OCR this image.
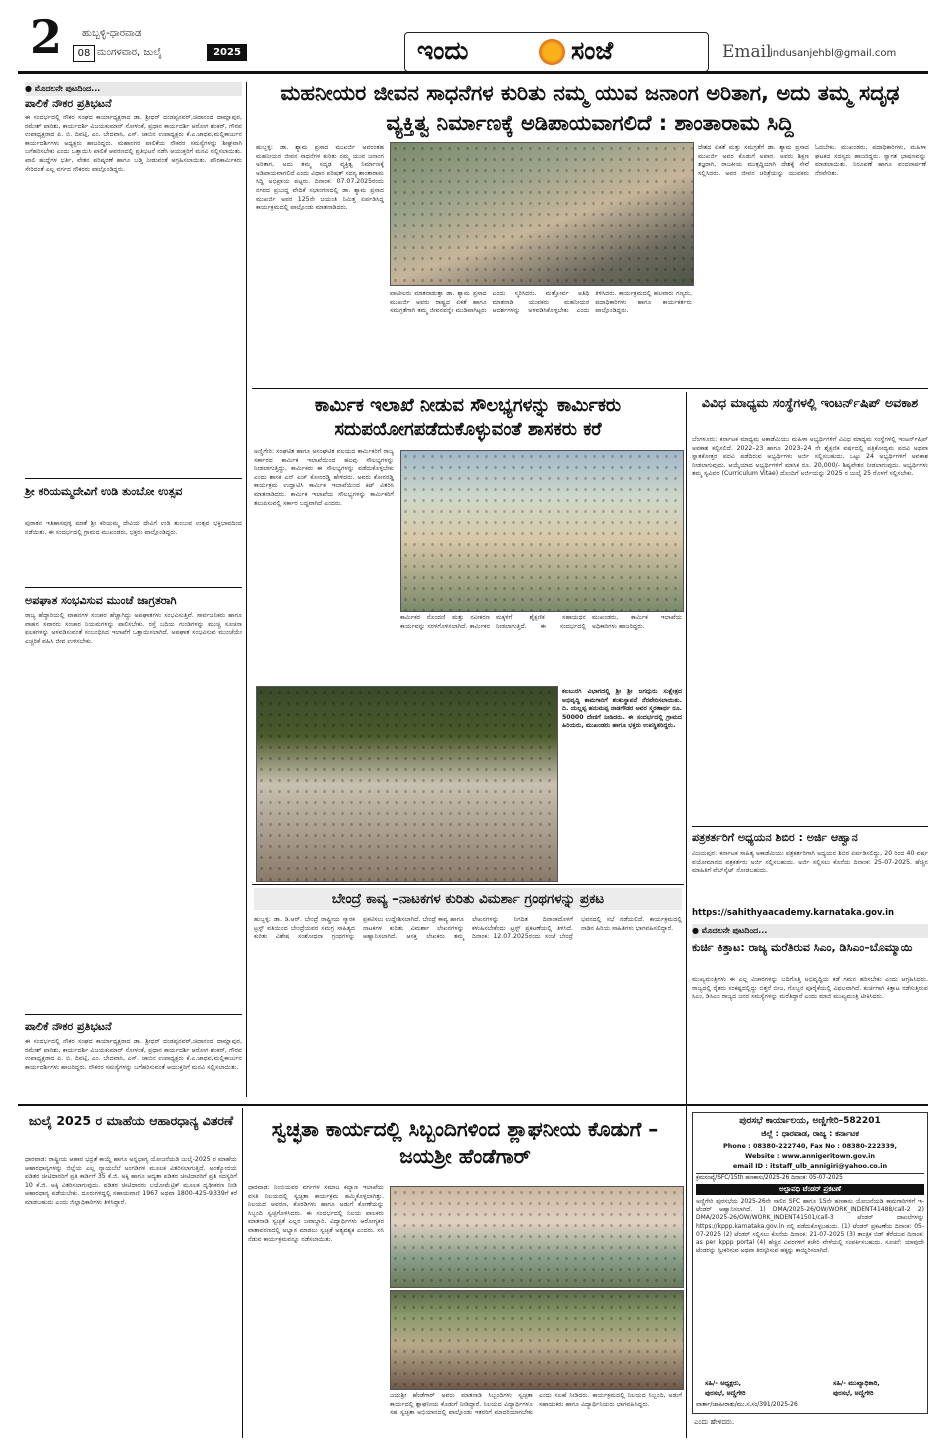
2 ಹುಬ್ಬಳ್ಳಿ-ಧಾರವಾಡ
08 ಮಂಗಳವಾರ, ಜುಲೈ	2025	ಇಂದು	ಸಂಜೆ	Email
indusanjehbl@gmail.com
● ಮೊದಲನೇ ಪುಟದಿಂದ...
ಪಾಲಿಕೆ ನೌಕರ ಪ್ರತಿಭಟನೆ
ಈ ಸಂದರ್ಭದಲ್ಲಿ ನೌಕರ ಸಂಘದ ಕಾರ್ಯಾಧ್ಯಕ್ಷರಾದ ಡಾ. ಶ್ರೀಧರ್ ದಂಡಪ್ಪನವರ್,ಚಿದಾನಂದ ದಾಮ್ಲಾಪುರ, ರಮೇಶ್ ಪಾರಿಶು, ಕಾರ್ಯದರ್ಶಿ ವಿಜಯಕುಮಾರ್ ಸೋಳಂಕೆ, ಪ್ರಧಾನ ಕಾರ್ಯದರ್ಶಿ ಆರೋಗ ಶಂಕರ್, ಗೌರವ ಉಪಾಧ್ಯಕ್ಷರಾದ ಪಿ. ಬಿ. ದಿವಟ್ಗಿ, ಎಂ. ಬೇದವಾಸಿ, ಎಸ್. ಜಾಬಿನ ಉಪಾಧ್ಯಕ್ಷರು ಕೆ.ಎ.ಜಾಧವ,ಮಲ್ಲಿಕಾರ್ಜುನ ಕಾರ್ಯದರ್ಶಿಗಳು ಅಧ್ಯಕ್ಷರು ಹಾಜರಿದ್ದರು. ಮಹಾನಗರ ಪಾಲಿಕೆಯ ನೌಕರರ ಸಮಸ್ಯೆಗಳನ್ನು ಶೀಘ್ರವಾಗಿ ಬಗೆಹರಿಸಬೇಕು ಎಂದು ಒತ್ತಾಯಿಸಿ ಪಾಲಿಕೆ ಆವರಣದಲ್ಲಿ ಪ್ರತಿಭಟನೆ ನಡೆಸಿ ಆಯುಕ್ತರಿಗೆ ಮನವಿ ಸಲ್ಲಿಸಲಾಯಿತು. ಖಾಲಿ ಹುದ್ದೆಗಳ ಭರ್ತಿ, ವೇತನ ಪರಿಷ್ಕರಣೆ ಹಾಗೂ ಬಡ್ತಿ ನೀಡುವಂತೆ ಆಗ್ರಹಿಸಲಾಯಿತು. ಪೌರಕಾರ್ಮಿಕರು ಸೇರಿದಂತೆ ಎಲ್ಲ ವರ್ಗದ ನೌಕರರು ಪಾಲ್ಗೊಂಡಿದ್ದರು.
ಶ್ರೀ ಕರಿಯಮ್ಮದೇವಿಗೆ ಉಡಿ ತುಂಬೋ ಉತ್ಸವ
ಪುರಾತನ ಇತಿಹಾಸವುಳ್ಳ ಮಾತೆ ಶ್ರೀ ಕರಿಯಮ್ಮ ದೇವಿಯ ದೇವಿಗೆ ಉಡಿ ತುಂಬುವ ಉತ್ಸವ ಭಕ್ತಿಭಾವದಿಂದ ನಡೆಯಿತು. ಈ ಸಂದರ್ಭದಲ್ಲಿ ಗ್ರಾಮದ ಮುಖಂಡರು, ಭಕ್ತರು ಪಾಲ್ಗೊಂಡಿದ್ದರು.
ಅಪಘಾತ ಸಂಭವಿಸುವ ಮುಂಚೆ ಜಾಗ್ರತರಾಗಿ
ರಾಜ್ಯ ಹೆದ್ದಾರಿಯಲ್ಲಿ ವಾಹನಗಳ ಸಂಚಾರ ಹೆಚ್ಚಾಗಿದ್ದು ಅಪಘಾತಗಳು ಸಂಭವಿಸುತ್ತಿವೆ. ಸಾರ್ವಜನಿಕರು ಹಾಗೂ ವಾಹನ ಸವಾರರು ಸಂಚಾರ ನಿಯಮಗಳನ್ನು ಪಾಲಿಸಬೇಕು. ರಸ್ತೆ ಬದಿಯ ಗುಂಡಿಗಳನ್ನು ಮುಚ್ಚಿ ಸೂಚನಾ ಫಲಕಗಳನ್ನು ಅಳವಡಿಸುವಂತೆ ಸಂಬಂಧಿಸಿದ ಇಲಾಖೆಗೆ ಒತ್ತಾಯಿಸಲಾಗಿದೆ. ಅಪಘಾತ ಸಂಭವಿಸುವ ಮುಂಚೆಯೇ ಎಚ್ಚರಿಕೆ ವಹಿಸಿ ಜೀವ ಉಳಿಸಬೇಕು.
ಪಾಲಿಕೆ ನೌಕರ ಪ್ರತಿಭಟನೆ
ಈ ಸಂದರ್ಭದಲ್ಲಿ ನೌಕರ ಸಂಘದ ಕಾರ್ಯಾಧ್ಯಕ್ಷರಾದ ಡಾ. ಶ್ರೀಧರ್ ದಂಡಪ್ಪನವರ್,ಚಿದಾನಂದ ದಾಮ್ಲಾಪುರ, ರಮೇಶ್ ಪಾರಿಶು, ಕಾರ್ಯದರ್ಶಿ ವಿಜಯಕುಮಾರ್ ಸೋಳಂಕೆ, ಪ್ರಧಾನ ಕಾರ್ಯದರ್ಶಿ ಆರೋಗ ಶಂಕರ್, ಗೌರವ ಉಪಾಧ್ಯಕ್ಷರಾದ ಪಿ. ಬಿ. ದಿವಟ್ಗಿ, ಎಂ. ಬೇದವಾಸಿ, ಎಸ್. ಜಾಬಿನ ಉಪಾಧ್ಯಕ್ಷರು ಕೆ.ಎ.ಜಾಧವ,ಮಲ್ಲಿಕಾರ್ಜುನ ಕಾರ್ಯದರ್ಶಿಗಳು ಹಾಜರಿದ್ದರು. ನೌಕರರ ಸಮಸ್ಯೆಗಳನ್ನು ಬಗೆಹರಿಸುವಂತೆ ಆಯುಕ್ತರಿಗೆ ಮನವಿ ಸಲ್ಲಿಸಲಾಯಿತು.
ಮಹನೀಯರ ಜೀವನ ಸಾಧನೆಗಳ ಕುರಿತು ನಮ್ಮ ಯುವ ಜನಾಂಗ ಅರಿತಾಗ, ಅದು ತಮ್ಮ ಸದೃಢ ವ್ಯಕ್ತಿತ್ವ ನಿರ್ಮಾಣಕ್ಕೆ ಅಡಿಪಾಯವಾಗಲಿದೆ : ಶಾಂತಾರಾಮ ಸಿದ್ದಿ
ಹುಬ್ಬಳ್ಳಿ: ಡಾ. ಶ್ಯಾಮ ಪ್ರಸಾದ ಮುಖರ್ಜಿ ಅವರಂತಹ ಮಹನೀಯರ ಜೀವನ ಸಾಧನೆಗಳ ಕುರಿತು ನಮ್ಮ ಯುವ ಜನಾಂಗ ಅರಿತಾಗ, ಅದು ತಮ್ಮ ಸದೃಢ ವ್ಯಕ್ತಿತ್ವ ನಿರ್ಮಾಣಕ್ಕೆ ಅಡಿಪಾಯವಾಗಲಿದೆ ಎಂದು ವಿಧಾನ ಪರಿಷತ್ ಸದಸ್ಯ ಶಾಂತಾರಾಮ ಸಿದ್ದಿ ಅಭಿಪ್ರಾಯ ಪಟ್ಟರು. ದಿನಾಂಕ: 07.07.2025ರಂದು ನಗರದ ಪ್ರಬುದ್ಧ ವೇದಿಕೆ ಸಭಾಂಗಣದಲ್ಲಿ ಡಾ. ಶ್ಯಾಮ ಪ್ರಸಾದ ಮುಖರ್ಜಿ ಅವರ 125ನೇ ಜಯಂತಿ ನಿಮಿತ್ತ ಏರ್ಪಡಿಸಿದ್ದ ಕಾರ್ಯಕ್ರಮದಲ್ಲಿ ಪಾಲ್ಗೊಂಡು ಮಾತನಾಡಿದರು.
ಪಾಟೀಲರು ಮಾತನಾಡುತ್ತಾ ಡಾ. ಶ್ಯಾಮ ಪ್ರಸಾದ ಮುಖರ್ಜಿ ಅವರು ರಾಷ್ಟ್ರದ ಏಕತೆ ಹಾಗೂ ಸಮಗ್ರತೆಗಾಗಿ ತಮ್ಮ ಜೀವನವನ್ನೇ ಮುಡಿಪಾಗಿಟ್ಟರು ಎಂದು ಸ್ಮರಿಸಿದರು. ಮತ್ತೋರ್ವ ಅತಿಥಿ ಮಾತನಾಡಿ ಯುವಕರು ಮಹನೀಯರ ಆದರ್ಶಗಳನ್ನು ಅಳವಡಿಸಿಕೊಳ್ಳಬೇಕು ಎಂದು ತಿಳಿಸಿದರು. ಕಾರ್ಯಕ್ರಮದಲ್ಲಿ ಹಲವಾರು ಗಣ್ಯರು, ಪದಾಧಿಕಾರಿಗಳು ಹಾಗೂ ಕಾರ್ಯಕರ್ತರು ಪಾಲ್ಗೊಂಡಿದ್ದರು.
ದೇಶದ ಏಕತೆ ಮತ್ತು ಸಮಗ್ರತೆಗೆ ಡಾ. ಶ್ಯಾಮ ಪ್ರಸಾದ ಮುಖರ್ಜಿ ಅವರ ಕೊಡುಗೆ ಅಪಾರ. ಅವರು ಶಿಕ್ಷಣ ತಜ್ಞರಾಗಿ, ರಾಜಕೀಯ ಮುತ್ಸದ್ದಿಯಾಗಿ ದೇಶಕ್ಕೆ ಸೇವೆ ಸಲ್ಲಿಸಿದರು. ಅವರ ಜೀವನ ಚರಿತ್ರೆಯನ್ನು ಯುವಕರು ಓದಬೇಕು. ಮುಖಂಡರು, ಪದಾಧಿಕಾರಿಗಳು, ಮಹಿಳಾ ಘಟಕದ ಸದಸ್ಯರು ಹಾಜರಿದ್ದರು. ಸ್ವಾಗತ ಭಾಷಣವನ್ನು ಮಾಡಲಾಯಿತು. ನಿರೂಪಣೆ ಹಾಗೂ ವಂದನಾರ್ಪಣೆ ನೆರವೇರಿತು.
ಕಾರ್ಮಿಕ ಇಲಾಖೆ ನೀಡುವ ಸೌಲಭ್ಯಗಳನ್ನು ಕಾರ್ಮಿಕರು ಸದುಪಯೋಗಪಡೆದುಕೊಳ್ಳುವಂತೆ ಶಾಸಕರು ಕರೆ
ಅಣ್ಣಿಗೇರಿ: ಸಂಘಟಿತ ಹಾಗೂ ಅಸಂಘಟಿತ ವಲಯದ ಕಾರ್ಮಿಕರಿಗೆ ರಾಜ್ಯ ಸರ್ಕಾರದ ಕಾರ್ಮಿಕ ಇಲಾಖೆಯಿಂದ ಹಲವು ಸೌಲಭ್ಯಗಳನ್ನು ನೀಡಲಾಗುತ್ತಿದ್ದು, ಕಾರ್ಮಿಕರು ಈ ಸೌಲಭ್ಯಗಳನ್ನು ಪಡೆದುಕೊಳ್ಳಬೇಕು ಎಂದು ಶಾಸಕ ಎನ್ ಎಚ್ ಕೋನರಡ್ಡಿ ಹೇಳಿದರು. ಅವರು ಕೋನರಡ್ಡಿ ಕಾರ್ಯಕ್ರಮ ಉದ್ಘಾಟಿಸಿ ಕಾರ್ಮಿಕ ಇಲಾಖೆಯಿಂದ ಕಿಟ್ ವಿತರಿಸಿ ಮಾತನಾಡಿದರು. ಕಾರ್ಮಿಕ ಇಲಾಖೆಯ ಸೌಲಭ್ಯಗಳನ್ನು ಕಾರ್ಮಿಕರಿಗೆ ತಲುಪಿಸುವಲ್ಲಿ ಸರ್ಕಾರ ಬದ್ಧವಾಗಿದೆ ಎಂದರು.
ಕಾರ್ಮಿಕರ ನೊಂದಣಿ ಮತ್ತು ನವೀಕರಣ ಕಾರ್ಯವನ್ನು ಸರಳಗೊಳಿಸಲಾಗಿದೆ. ಕಾರ್ಮಿಕರ ಮಕ್ಕಳಿಗೆ ಶೈಕ್ಷಣಿಕ ಸಹಾಯಧನ ನೀಡಲಾಗುತ್ತಿದೆ. ಈ ಸಂದರ್ಭದಲ್ಲಿ ಮುಖಂಡರು, ಕಾರ್ಮಿಕ ಇಲಾಖೆಯ ಅಧಿಕಾರಿಗಳು ಹಾಜರಿದ್ದರು.
ಕಲಬುರಗಿ ವಿಭಾಗದಲ್ಲಿ ಶ್ರೀ ಶ್ರೀ ಜಗದ್ಗುರು ಸುಕ್ಷೇತ್ರದ ಅಭಿವೃದ್ಧಿ ಕಾಮಗಾರಿಗೆ ಶಂಕುಸ್ಥಾಪನೆ ನೆರವೇರಿಸಲಾಯಿತು. ದಿ. ಯಲ್ಲಪ್ಪ ಹನುಮಪ್ಪ ನಾಡಗೌಡರ ಅವರ ಸ್ಮರಣಾರ್ಥ ರೂ. 50000 ದೇಣಿಗೆ ನೀಡಿದರು. ಈ ಸಂದರ್ಭದಲ್ಲಿ ಗ್ರಾಮದ ಹಿರಿಯರು, ಮುಖಂಡರು ಹಾಗೂ ಭಕ್ತರು ಉಪಸ್ಥಿತರಿದ್ದರು.
ಬೇಂದ್ರೆ ಕಾವ್ಯ –ನಾಟಕಗಳ ಕುರಿತು ವಿಮರ್ಶಾ ಗ್ರಂಥಗಳನ್ನು ಪ್ರಕಟ
ಹುಬ್ಬಳ್ಳಿ: ಡಾ. ಡಿ.ಆರ್. ಬೇಂದ್ರೆ ರಾಷ್ಟ್ರೀಯ ಸ್ಮಾರಕ ಟ್ರಸ್ಟ್ ವತಿಯಿಂದ ಬೇಂದ್ರೆಯವರ ಸಮಗ್ರ ಸಾಹಿತ್ಯದ ಕುರಿತು ವಿಶೇಷ ಸಂಶೋಧನಾ ಗ್ರಂಥಗಳನ್ನು ಪ್ರಕಟಿಸಲು ಉದ್ದೇಶಿಸಲಾಗಿದೆ. ಬೇಂದ್ರೆ ಕಾವ್ಯ ಹಾಗೂ ನಾಟಕಗಳ ಕುರಿತು ವಿಮರ್ಶಾ ಲೇಖನಗಳನ್ನು ಆಹ್ವಾನಿಸಲಾಗಿದೆ. ಆಸಕ್ತ ಲೇಖಕರು ತಮ್ಮ ಲೇಖನಗಳನ್ನು ನಿಗದಿತ ದಿನಾಂಕದೊಳಗೆ ಕಳುಹಿಸಬೇಕೆಂದು ಟ್ರಸ್ಟ್ ಪ್ರಕಟಣೆಯಲ್ಲಿ ತಿಳಿಸಿದೆ. ದಿನಾಂಕ: 12.07.2025ರಂದು ಸಂಜೆ ಬೇಂದ್ರೆ ಭವನದಲ್ಲಿ ಸಭೆ ನಡೆಯಲಿದೆ. ಕಾರ್ಯಕ್ರಮದಲ್ಲಿ ನಾಡಿನ ಹಿರಿಯ ಸಾಹಿತಿಗಳು ಭಾಗವಹಿಸಲಿದ್ದಾರೆ.
ವಿವಿಧ ಮಾಧ್ಯಮ ಸಂಸ್ಥೆಗಳಲ್ಲಿ ಇಂಟರ್ನ್‌ಷಿಪ್ ಅವಕಾಶ
ಬೆಂಗಳೂರು: ಕರ್ನಾಟಕ ಮಾಧ್ಯಮ ಅಕಾಡೆಮಿಯು ಮಹಿಳಾ ಅಭ್ಯರ್ಥಿಗಳಿಗೆ ವಿವಿಧ ಮಾಧ್ಯಮ ಸಂಸ್ಥೆಗಳಲ್ಲಿ ಇಂಟರ್ನ್‌ಷಿಪ್ ಅವಕಾಶ ಕಲ್ಪಿಸಲಿದೆ. 2022–23 ಹಾಗೂ 2023–24 ನೇ ಶೈಕ್ಷಣಿಕ ವರ್ಷದಲ್ಲಿ ಪತ್ರಿಕೋದ್ಯಮ ಪದವಿ ಅಥವಾ ಸ್ನಾತಕೋತ್ತರ ಪದವಿ ಪಡೆದಿರುವ ಅಭ್ಯರ್ಥಿಗಳು ಅರ್ಜಿ ಸಲ್ಲಿಸಬಹುದು. ಒಟ್ಟು 24 ಅಭ್ಯರ್ಥಿಗಳಿಗೆ ಅವಕಾಶ ನೀಡಲಾಗುವುದು. ಆಯ್ಕೆಯಾದ ಅಭ್ಯರ್ಥಿಗಳಿಗೆ ಮಾಸಿಕ ರೂ. 20,000/- ಶಿಷ್ಯವೇತನ ನೀಡಲಾಗುವುದು. ಅಭ್ಯರ್ಥಿಗಳು ತಮ್ಮ ಸ್ವವಿವರ (Curriculum Vitae) ದೊಂದಿಗೆ ಅರ್ಜಿಯನ್ನು 2025 ರ ಜುಲೈ 25 ರೊಳಗೆ ಸಲ್ಲಿಸಬೇಕು.
ಪತ್ರಕರ್ತರಿಗೆ ಅಧ್ಯಯನ ಶಿಬಿರ : ಅರ್ಜಿ ಆಹ್ವಾನ
ವಿಜಯಪುರ: ಕರ್ನಾಟಕ ಸಾಹಿತ್ಯ ಅಕಾಡೆಮಿಯು ಪತ್ರಕರ್ತರಿಗಾಗಿ ಅಧ್ಯಯನ ಶಿಬಿರ ಏರ್ಪಡಿಸಲಿದ್ದು, 20 ರಿಂದ 40 ವರ್ಷ ವಯೋಮಾನದ ಪತ್ರಕರ್ತರು ಅರ್ಜಿ ಸಲ್ಲಿಸಬಹುದು. ಅರ್ಜಿ ಸಲ್ಲಿಸಲು ಕೊನೆಯ ದಿನಾಂಕ: 25-07-2025. ಹೆಚ್ಚಿನ ಮಾಹಿತಿಗೆ ವೆಬ್‌ಸೈಟ್ ನೋಡಬಹುದು.
https://sahithyaacademy.karnataka.gov.in
● ಮೊದಲನೇ ಪುಟದಿಂದ...
ಕುರ್ಚಿ ಕಿತ್ತಾಟ: ರಾಜ್ಯ ಮರೆತಿರುವ ಸಿಎಂ, ಡಿಸಿಎಂ–ಬೊಮ್ಮಾಯಿ
ಮುಖ್ಯಮಂತ್ರಿಗಳು ಈ ಎಲ್ಲ ವಿಚಾರಗಳನ್ನು ಬದಿಗೊತ್ತಿ ಅಭಿವೃದ್ಧಿಯ ಕಡೆ ಗಮನ ಹರಿಸಬೇಕು ಎಂದು ಆಗ್ರಹಿಸಿದರು. ರಾಜ್ಯದಲ್ಲಿ ರೈತರು ಸಂಕಷ್ಟದಲ್ಲಿದ್ದು ಬಿತ್ತನೆ ಬೀಜ, ಗೊಬ್ಬರ ಪೂರೈಕೆಯಲ್ಲಿ ವಿಫಲವಾಗಿದೆ. ಕುರ್ಚಿಗಾಗಿ ಕಿತ್ತಾಟ ನಡೆಸುತ್ತಿರುವ ಸಿಎಂ, ಡಿಸಿಎಂ ರಾಜ್ಯದ ಜನರ ಸಮಸ್ಯೆಗಳನ್ನು ಮರೆತಿದ್ದಾರೆ ಎಂದು ಮಾಜಿ ಮುಖ್ಯಮಂತ್ರಿ ಟೀಕಿಸಿದರು.
ಜುಲೈ 2025 ರ ಮಾಹೆಯ ಆಹಾರಧಾನ್ಯ ವಿತರಣೆ
ಧಾರವಾಡ: ರಾಷ್ಟ್ರೀಯ ಆಹಾರ ಭದ್ರತೆ ಕಾಯ್ದೆ ಹಾಗೂ ಅನ್ನಭಾಗ್ಯ ಯೋಜನೆಯಡಿ ಜುಲೈ-2025 ರ ಮಾಹೆಯ ಆಹಾರಧಾನ್ಯಗಳನ್ನು ಜಿಲ್ಲೆಯ ಎಲ್ಲ ನ್ಯಾಯಬೆಲೆ ಅಂಗಡಿಗಳ ಮೂಲಕ ವಿತರಿಸಲಾಗುತ್ತಿದೆ. ಅಂತ್ಯೋದಯ ಪಡಿತರ ಚೀಟಿದಾರರಿಗೆ ಪ್ರತಿ ಕಾರ್ಡಿಗೆ 35 ಕೆ.ಜಿ. ಅಕ್ಕಿ ಹಾಗೂ ಆದ್ಯತಾ ಪಡಿತರ ಚೀಟಿದಾರರಿಗೆ ಪ್ರತಿ ಸದಸ್ಯರಿಗೆ 10 ಕೆ.ಜಿ. ಅಕ್ಕಿ ವಿತರಿಸಲಾಗುವುದು. ಪಡಿತರ ಚೀಟಿದಾರರು ಬಯೋಮೆಟ್ರಿಕ್ ಮೂಲಕ ದೃಢೀಕರಣ ನೀಡಿ ಆಹಾರಧಾನ್ಯ ಪಡೆಯಬೇಕು. ದೂರುಗಳಿದ್ದಲ್ಲಿ ಸಹಾಯವಾಣಿ 1967 ಅಥವಾ 1800-425-9339ಗೆ ಕರೆ ಮಾಡಬಹುದು ಎಂದು ಜಿಲ್ಲಾಧಿಕಾರಿಗಳು ತಿಳಿಸಿದ್ದಾರೆ.
ಸ್ವಚ್ಛತಾ ಕಾರ್ಯದಲ್ಲಿ ಸಿಬ್ಬಂದಿಗಳಿಂದ ಶ್ಲಾಘನೀಯ ಕೊಡುಗೆ – ಜಯಶ್ರೀ ಹೆಂಡೆಗಾರ್
ಧಾರವಾಡ: ನಿಂಬಿಯವರ ವರ್ಗಗಳ ಸಮಾಜ ಕಲ್ಯಾಣ ಇಲಾಖೆಯ ವಸತಿ ನಿಲಯದಲ್ಲಿ ಸ್ವಚ್ಛತಾ ಕಾರ್ಯಕ್ರಮ ಹಮ್ಮಿಕೊಳ್ಳಲಾಗಿತ್ತು. ನಿಲಯದ ಆವರಣ, ಕೊಠಡಿಗಳು ಹಾಗೂ ಅಡುಗೆ ಕೋಣೆಯನ್ನು ಸಿಬ್ಬಂದಿ ಸ್ವಚ್ಛಗೊಳಿಸಿದರು. ಈ ಸಂದರ್ಭದಲ್ಲಿ ನಿಲಯ ಪಾಲಕರು ಮಾತನಾಡಿ ಸ್ವಚ್ಛತೆ ಎಲ್ಲರ ಜವಾಬ್ದಾರಿ. ವಿದ್ಯಾರ್ಥಿಗಳು ಆರೋಗ್ಯಕರ ವಾತಾವರಣದಲ್ಲಿ ಅಭ್ಯಾಸ ಮಾಡಲು ಸ್ವಚ್ಛತೆ ಅತ್ಯವಶ್ಯಕ ಎಂದರು. ಸಸಿ ನೆಡುವ ಕಾರ್ಯಕ್ರಮವನ್ನೂ ನಡೆಸಲಾಯಿತು.
ಜಯಶ್ರೀ ಹೆಂಡೆಗಾರ್ ಅವರು ಮಾತನಾಡಿ ಸಿಬ್ಬಂದಿಗಳು ಸ್ವಚ್ಛತಾ ಕಾರ್ಯದಲ್ಲಿ ಶ್ಲಾಘನೀಯ ಕೊಡುಗೆ ನೀಡಿದ್ದಾರೆ. ನಿಲಯದ ವಿದ್ಯಾರ್ಥಿಗಳೂ ಸಹ ಸ್ವಚ್ಛತಾ ಅಭಿಯಾನದಲ್ಲಿ ಪಾಲ್ಗೊಂಡು ಇತರರಿಗೆ ಮಾದರಿಯಾಗಬೇಕು ಎಂದು ಸಲಹೆ ನೀಡಿದರು. ಕಾರ್ಯಕ್ರಮದಲ್ಲಿ ನಿಲಯದ ಸಿಬ್ಬಂದಿ, ಅಡುಗೆ ಸಹಾಯಕರು ಹಾಗೂ ವಿದ್ಯಾರ್ಥಿನಿಯರು ಭಾಗವಹಿಸಿದ್ದರು.
ಪುರಸಭೆ ಕಾರ್ಯಾಲಯ, ಅಣ್ಣಿಗೇರಿ–582201
ಜಿಲ್ಲೆ : ಧಾರವಾಡ, ರಾಜ್ಯ : ಕರ್ನಾಟಕ
Phone : 08380-222740, Fax No : 08380-222339,
Website : www.annigeritown.gov.in
email ID : itstaff_ulb_annigiri@yahoo.co.in
ಕ್ರಮಸಂಖ್ಯೆ/SFC/15th ಹಣಕಾಸು/2025-26 ದಿನಾಂಕ: 05-07-2025
ಅಲ್ಪಾವಧಿ ಟೆಂಡರ್ ಪ್ರಕಟಣೆ
ಅಣ್ಣಿಗೇರಿ ಪುರಸಭೆಯ 2025-26ನೇ ಸಾಲಿನ SFC ಹಾಗೂ 15ನೇ ಹಣಕಾಸು ಯೋಜನೆಯಡಿ ಕಾಮಗಾರಿಗಳಿಗೆ ಇ-ಟೆಂಡರ್ ಆಹ್ವಾನಿಸಲಾಗಿದೆ. 1) DMA/2025-26/OW/WORK_INDENT41488/call-2 2) DMA/2025-26/OW/WORK_INDENT41501/call-3 ಟೆಂಡರ್ ದಾಖಲೆಗಳನ್ನು https://kppp.karnataka.gov.in ನಲ್ಲಿ ಪಡೆದುಕೊಳ್ಳಬಹುದು. (1) ಟೆಂಡರ್ ಪ್ರಕಟಣೆಯ ದಿನಾಂಕ: 05-07-2025 (2) ಟೆಂಡರ್ ಸಲ್ಲಿಸಲು ಕೊನೆಯ ದಿನಾಂಕ: 21-07-2025 (3) ತಾಂತ್ರಿಕ ಬಿಡ್ ತೆರೆಯುವ ದಿನಾಂಕ: as per kppp portal (4) ಹೆಚ್ಚಿನ ವಿವರಗಳಿಗೆ ಕಚೇರಿ ವೇಳೆಯಲ್ಲಿ ಸಂಪರ್ಕಿಸಬಹುದು. ಸೂಚನೆ: ಯಾವುದೇ ಟೆಂಡರನ್ನು ಸ್ವೀಕರಿಸುವ ಅಥವಾ ತಿರಸ್ಕರಿಸುವ ಹಕ್ಕನ್ನು ಕಾಯ್ದಿರಿಸಲಾಗಿದೆ.
ಸಹಿ/- ಅಧ್ಯಕ್ಷರು,
ಪುರಸಭೆ, ಅಣ್ಣಿಗೇರಿ
ಸಹಿ/- ಮುಖ್ಯಾಧಿಕಾರಿ,
ಪುರಸಭೆ, ಅಣ್ಣಿಗೇರಿ
ವಾರ್ತಾ/ಜಾಹೀರಾತು/ಮು.ಸ.ಸಂ/391/2025-26
ಎಂದು ಹೇಳಿದರು.
